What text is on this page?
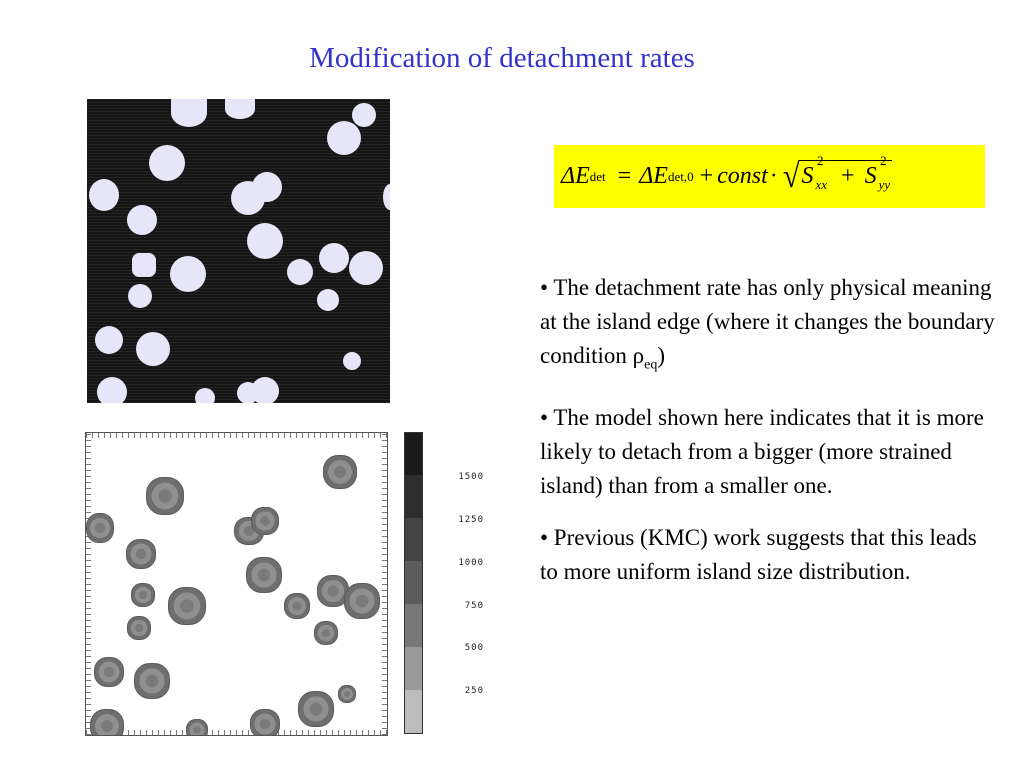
Modification of detachment rates
1500
1250
1000
750
500
250
ΔE det = ΔE det,0 + const · √ S
2
$_{xx}$ + S
2
$_{yy}$

• The detachment rate has only physical meaning at the island edge (where it changes the boundary condition $\rho_{eq}$)

• The model shown here indicates that it is more likely to detach from a bigger (more strained island) than from a smaller one.

• Previous (KMC) work suggests that this leads to more uniform island size distribution.
